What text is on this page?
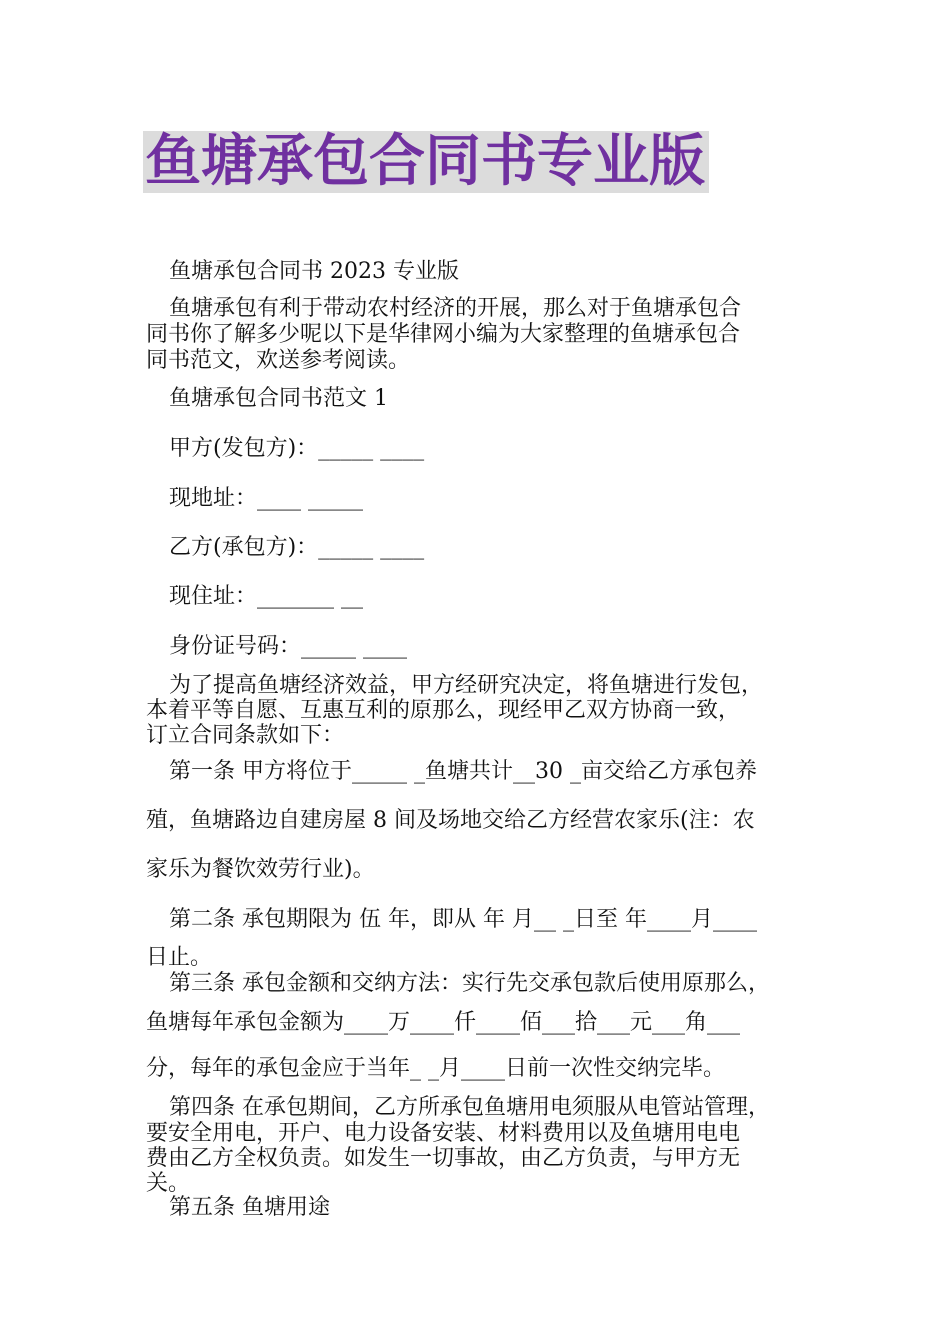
鱼塘承包合同书专业版
鱼塘承包合同书 2023 专业版
鱼塘承包有利于带动农村经济的开展，那么对于鱼塘承包合
同书你了解多少呢以下是华律网小编为大家整理的鱼塘承包合
同书范文，欢送参考阅读。
鱼塘承包合同书范文 1
甲方(发包方)：_____ ____
现地址：____ _____
乙方(承包方)：_____ ____
现住址：_______ __
身份证号码：_____ ____
为了提高鱼塘经济效益，甲方经研究决定，将鱼塘进行发包，
本着平等自愿、互惠互利的原那么，现经甲乙双方协商一致，
订立合同条款如下：
第一条 甲方将位于_____ _鱼塘共计__30 _亩交给乙方承包养
殖，鱼塘路边自建房屋 8 间及场地交给乙方经营农家乐(注：农
家乐为餐饮效劳行业)。
第二条 承包期限为 伍 年，即从 年 月__ _日至 年____月____
日止。
第三条 承包金额和交纳方法：实行先交承包款后使用原那么，
鱼塘每年承包金额为____万____仟____佰___拾___元___角___
分，每年的承包金应于当年_ _月____日前一次性交纳完毕。
第四条 在承包期间，乙方所承包鱼塘用电须服从电管站管理，
要安全用电，开户、电力设备安装、材料费用以及鱼塘用电电
费由乙方全权负责。如发生一切事故，由乙方负责，与甲方无
关。
第五条 鱼塘用途
